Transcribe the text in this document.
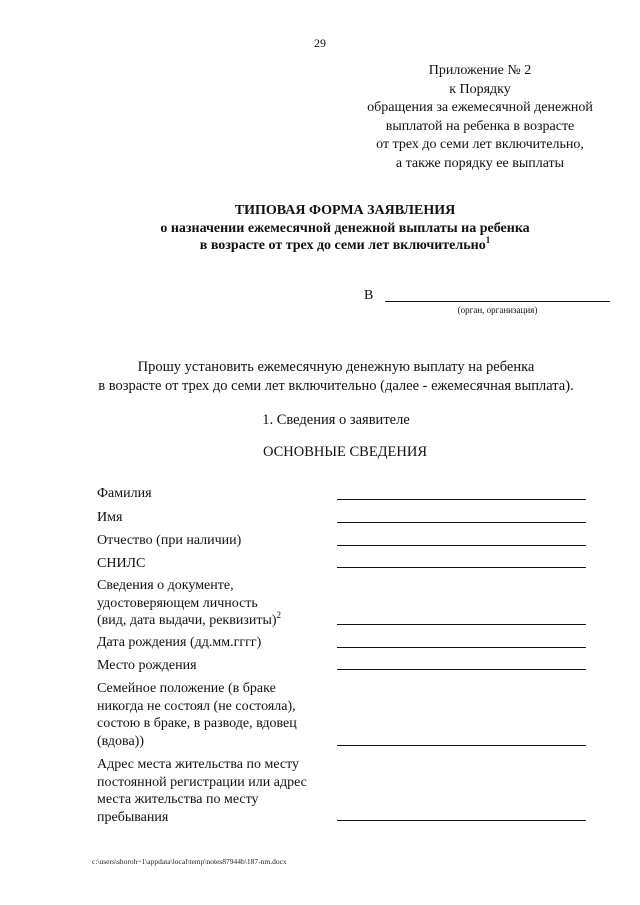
29
Приложение № 2
к Порядку
обращения за ежемесячной денежной
выплатой на ребенка в возрасте
от трех до семи лет включительно,
а также порядку ее выплаты
ТИПОВАЯ ФОРМА ЗАЯВЛЕНИЯ
о назначении ежемесячной денежной выплаты на ребенка
в возрасте от трех до семи лет включительно$^1$
В
(орган, организация)
Прошу установить ежемесячную денежную выплату на ребенка
в возрасте от трех до семи лет включительно (далее - ежемесячная выплата).
1. Сведения о заявителе
ОСНОВНЫЕ СВЕДЕНИЯ
Фамилия
Имя
Отчество (при наличии)
СНИЛС
Сведения о документе,
удостоверяющем личность
(вид, дата выдачи, реквизиты)$^2$
Дата рождения (дд.мм.гггг)
Место рождения
Семейное положение (в браке
никогда не состоял (не состояла),
состою в браке, в разводе, вдовец
(вдова))
Адрес места жительства по месту
постоянной регистрации или адрес
места жительства по месту
пребывания
c:\users\shoroh~1\appdata\local\temp\notes87944b\187-nm.docx
